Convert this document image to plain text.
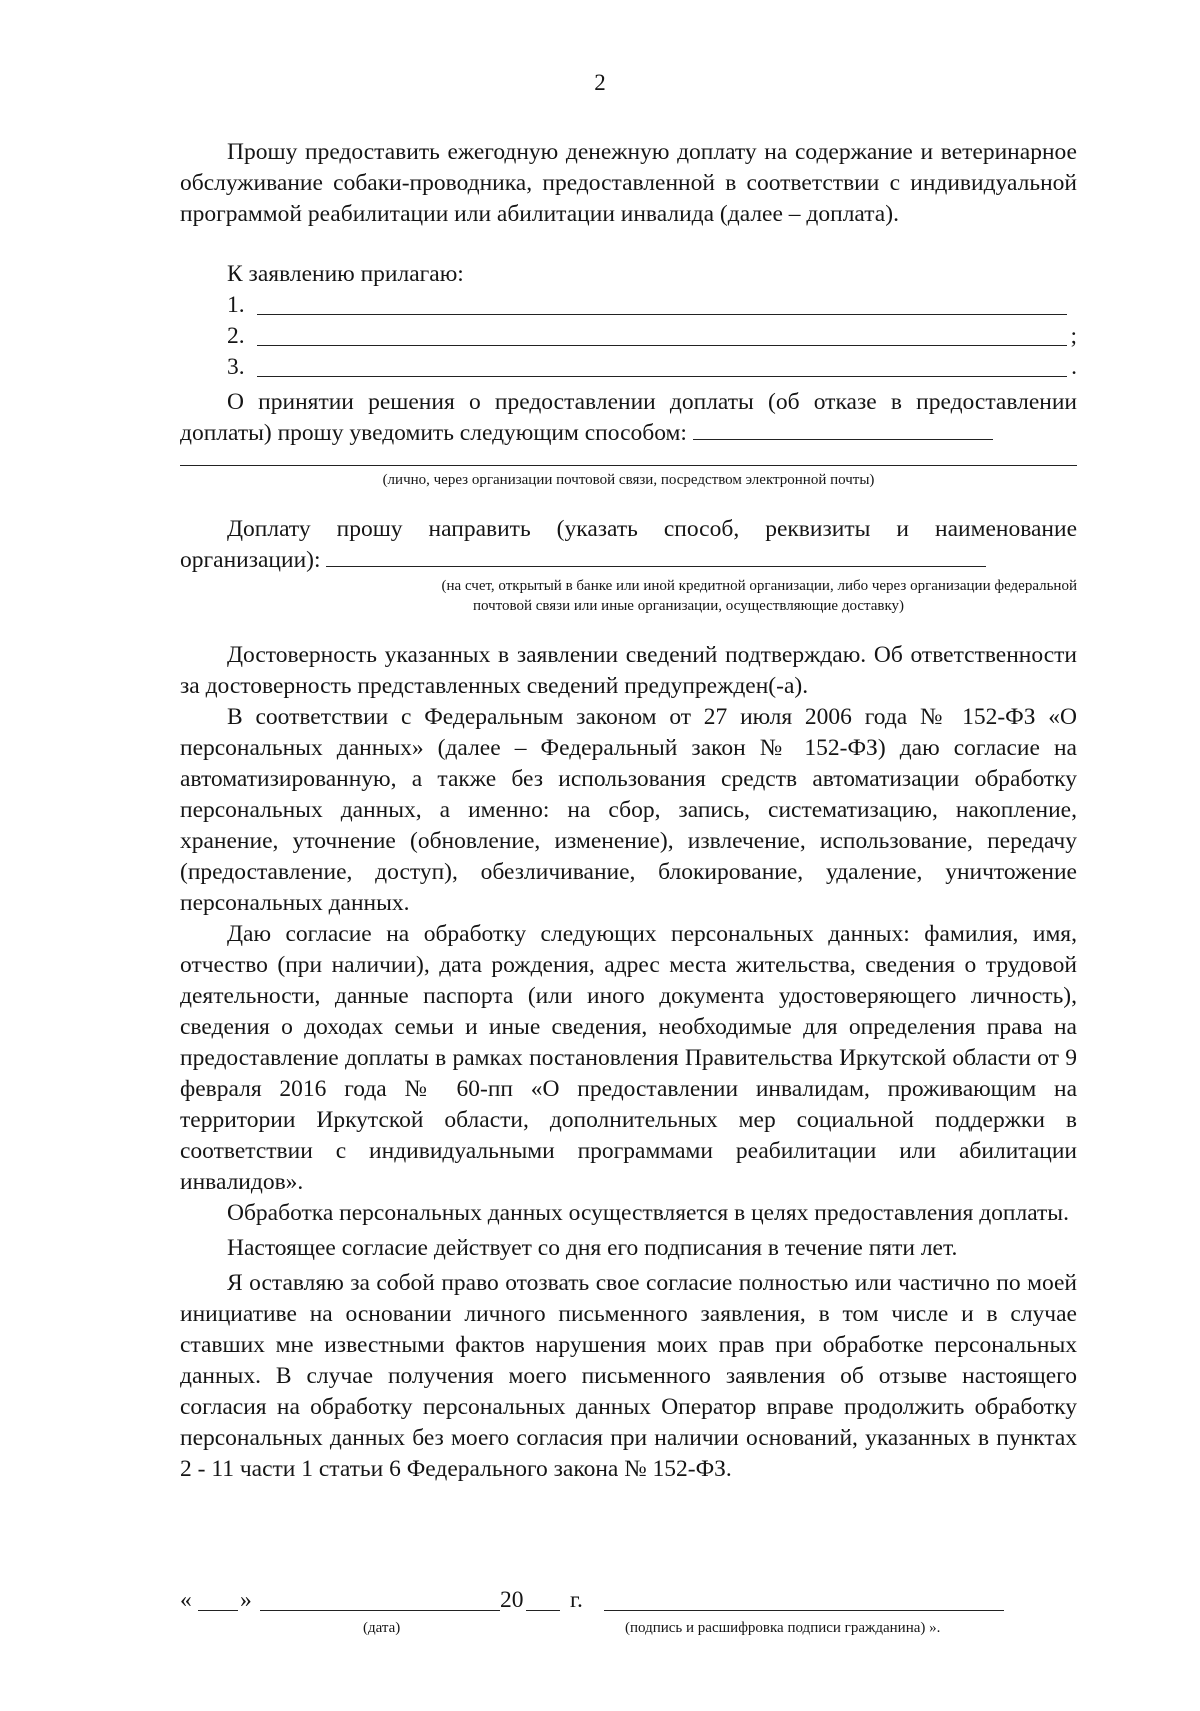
2

Прошу предоставить ежегодную денежную доплату на содержание и ветеринарное обслуживание собаки-проводника, предоставленной в соответствии с индивидуальной программой реабилитации или абилитации инвалида (далее – доплата).

К заявлению прилагаю:

1.
2.	;
3.	.

О принятии решения о предоставлении доплаты (об отказе в предоставлении доплаты) прошу уведомить следующим способом:

(лично, через организации почтовой связи, посредством электронной почты)

Доплату прошу направить (указать способ, реквизиты и наименование организации):

(на счет, открытый в банке или иной кредитной организации, либо через организации федеральной
почтовой связи или иные организации, осуществляющие доставку)

Достоверность указанных в заявлении сведений подтверждаю. Об ответственности за достоверность представленных сведений предупрежден(-а).

В соответствии с Федеральным законом от 27 июля 2006 года № 152-ФЗ «О персональных данных» (далее – Федеральный закон № 152-ФЗ) даю согласие на автоматизированную, а также без использования средств автоматизации обработку персональных данных, а именно: на сбор, запись, систематизацию, накопление, хранение, уточнение (обновление, изменение), извлечение, использование, передачу (предоставление, доступ), обезличивание, блокирование, удаление, уничтожение персональных данных.

Даю согласие на обработку следующих персональных данных: фамилия, имя, отчество (при наличии), дата рождения, адрес места жительства, сведения о трудовой деятельности, данные паспорта (или иного документа удостоверяющего личность), сведения о доходах семьи и иные сведения, необходимые для определения права на предоставление доплаты в рамках постановления Правительства Иркутской области от 9 февраля 2016 года № 60-пп «О предоставлении инвалидам, проживающим на территории Иркутской области, дополнительных мер социальной поддержки в соответствии с индивидуальными программами реабилитации или абилитации инвалидов».

Обработка персональных данных осуществляется в целях предоставления доплаты.

Настоящее согласие действует со дня его подписания в течение пяти лет.

Я оставляю за собой право отозвать свое согласие полностью или частично по моей инициативе на основании личного письменного заявления, в том числе и в случае ставших мне известными фактов нарушения моих прав при обработке персональных данных. В случае получения моего письменного заявления об отзыве настоящего согласия на обработку персональных данных Оператор вправе продолжить обработку персональных данных без моего согласия при наличии оснований, указанных в пунктах 2 - 11 части 1 статьи 6 Федерального закона № 152-ФЗ.

« »	20 г.
(дата)	(подпись и расшифровка подписи гражданина) ».
